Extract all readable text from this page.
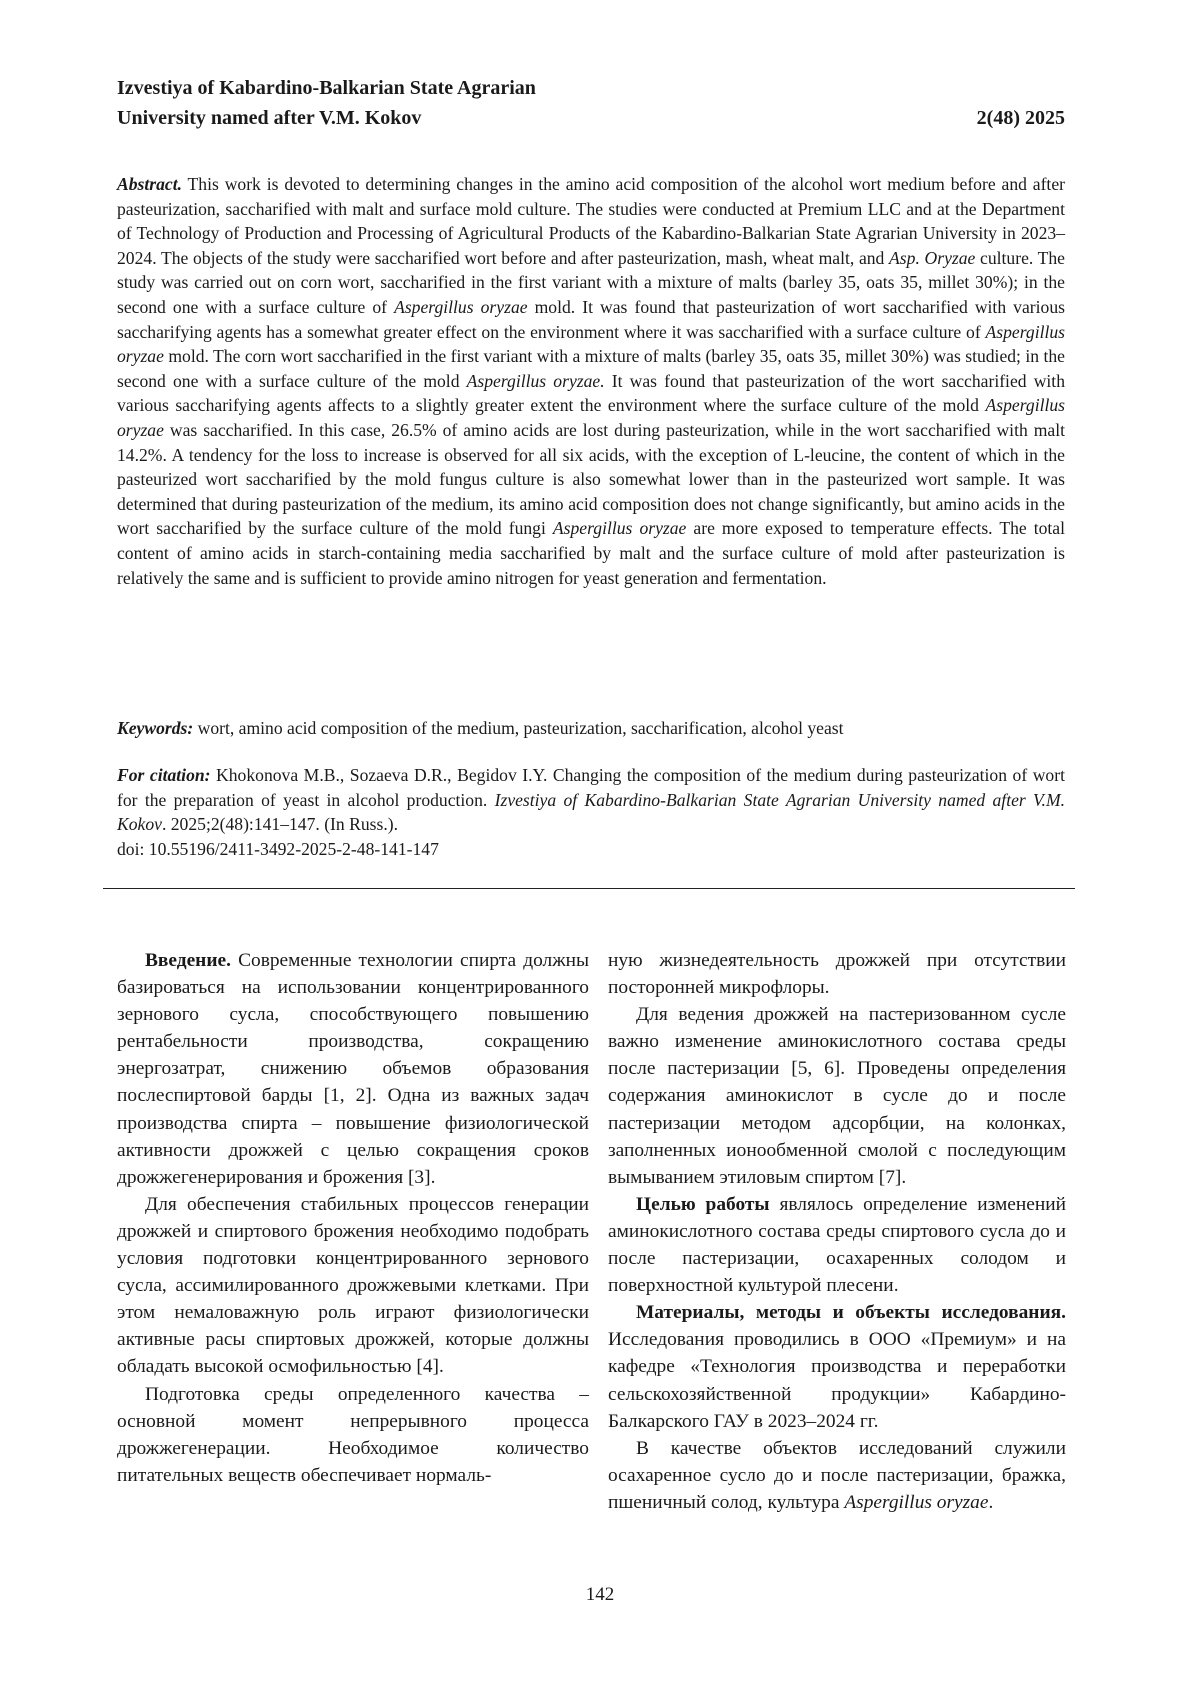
Izvestiya of Kabardino-Balkarian State Agrarian
University named after V.M. Kokov	2(48) 2025
Abstract. This work is devoted to determining changes in the amino acid composition of the alcohol wort medium before and after pasteurization, saccharified with malt and surface mold culture. The studies were conducted at Premium LLC and at the Department of Technology of Production and Processing of Agricultural Products of the Kabardino-Balkarian State Agrarian University in 2023–2024. The objects of the study were saccharified wort before and after pasteurization, mash, wheat malt, and Asp. Oryzae culture. The study was carried out on corn wort, saccharified in the first variant with a mixture of malts (barley 35, oats 35, millet 30%); in the second one with a surface culture of Aspergillus oryzae mold. It was found that pasteurization of wort saccharified with various saccharifying agents has a somewhat greater effect on the environment where it was saccharified with a surface culture of Aspergillus oryzae mold. The corn wort saccharified in the first variant with a mixture of malts (barley 35, oats 35, millet 30%) was studied; in the second one with a surface culture of the mold Aspergillus oryzae. It was found that pasteurization of the wort saccharified with various saccharifying agents affects to a slightly greater extent the environment where the surface culture of the mold Aspergillus oryzae was saccharified. In this case, 26.5% of amino acids are lost during pasteurization, while in the wort saccharified with malt 14.2%. A tendency for the loss to increase is observed for all six acids, with the exception of L-leucine, the content of which in the pasteurized wort saccharified by the mold fungus culture is also somewhat lower than in the pasteurized wort sample. It was determined that during pasteurization of the medium, its amino acid composition does not change significantly, but amino acids in the wort saccharified by the surface culture of the mold fungi Aspergillus oryzae are more exposed to temperature effects. The total content of amino acids in starch-containing media saccharified by malt and the surface culture of mold after pasteurization is relatively the same and is sufficient to provide amino nitrogen for yeast generation and fermentation.
Keywords: wort, amino acid composition of the medium, pasteurization, saccharification, alcohol yeast
For citation: Khokonova M.B., Sozaeva D.R., Begidov I.Y. Changing the composition of the medium during pasteurization of wort for the preparation of yeast in alcohol production. Izvestiya of Kabardino-Balkarian State Agrarian University named after V.M. Kokov. 2025;2(48):141–147. (In Russ.).
doi: 10.55196/2411-3492-2025-2-48-141-147

Введение. Современные технологии спирта должны базироваться на использовании концентрированного зернового сусла, способствующего повышению рентабельности производства, сокращению энергозатрат, снижению объемов образования послеспиртовой барды [1, 2]. Одна из важных задач производства спирта – повышение физиологической активности дрожжей с целью сокращения сроков дрожжегенерирования и брожения [3].

Для обеспечения стабильных процессов генерации дрожжей и спиртового брожения необходимо подобрать условия подготовки концентрированного зернового сусла, ассимилированного дрожжевыми клетками. При этом немаловажную роль играют физиологически активные расы спиртовых дрожжей, которые должны обладать высокой осмофильностью [4].

Подготовка среды определенного качества – основной момент непрерывного процесса дрожжегенерации. Необходимое количество питательных веществ обеспечивает нормаль-

ную жизнедеятельность дрожжей при отсутствии посторонней микрофлоры.

Для ведения дрожжей на пастеризованном сусле важно изменение аминокислотного состава среды после пастеризации [5, 6]. Проведены определения содержания аминокислот в сусле до и после пастеризации методом адсорбции, на колонках, заполненных ионообменной смолой с последующим вымыванием этиловым спиртом [7].

Целью работы являлось определение изменений аминокислотного состава среды спиртового сусла до и после пастеризации, осахаренных солодом и поверхностной культурой плесени.

Материалы, методы и объекты исследования. Исследования проводились в ООО «Премиум» и на кафедре «Технология производства и переработки сельскохозяйственной продукции» Кабардино-Балкарского ГАУ в 2023–2024 гг.

В качестве объектов исследований служили осахаренное сусло до и после пастеризации, бражка, пшеничный солод, культура Aspergillus oryzae.

142
